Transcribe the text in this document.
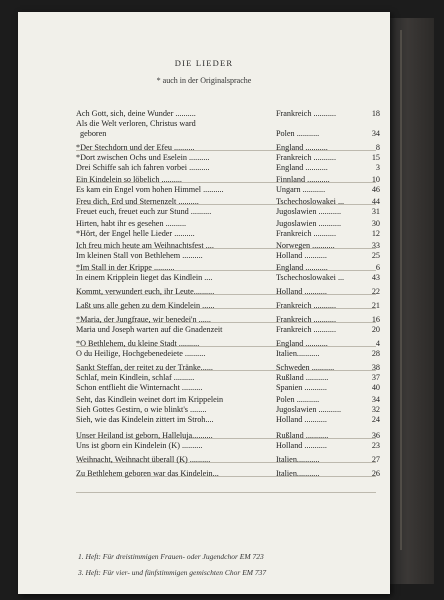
DIE LIEDER
* auch in der Originalsprache
Ach Gott, sich, deine Wunder ..........	Frankreich ...........	18
Als die Welt verloren, Christus ward
geboren	Polen ...........	34
*Der Stechdorn und der Efeu ..........	England ...........	8
*Dort zwischen Ochs und Eselein ..........	Frankreich ...........	15
Drei Schiffe sah ich fahren vorbei ..........	England ...........	3
Ein Kindelein so löbelich ..........	Finnland ...........	10
Es kam ein Engel vom hohen Himmel ..........	Ungarn ...........	46
Freu dich, Erd und Sternenzelt ..........	Tschechoslowakei ...	44
Freuet euch, freuet euch zur Stund ..........	Jugoslawien ...........	31
Hirten, habt ihr es gesehen ..........	Jugoslawien ...........	30
*Hört, der Engel helle Lieder ..........	Frankreich ...........	12
Ich freu mich heute am Weihnachtsfest ....	Norwegen ...........	33
Im kleinen Stall von Bethlehem ..........	Holland ...........	25
*Im Stall in der Krippe ..........	England ...........	6
In einem Kripplein lieget das Kindlein ....	Tschechoslowakei ...	43
Kommt, verwundert euch, ihr Leute..........	Holland ...........	22
Laßt uns alle gehen zu dem Kindelein ......	Frankreich ...........	21
*Maria, der Jungfraue, wir benedei'n ......	Frankreich ...........	16
Maria und Joseph warten auf die Gnadenzeit	Frankreich ...........	20
*O Bethlehem, du kleine Stadt ..........	England ...........	4
O du Heilige, Hochgebenedeiete ..........	Italien...........	28
Sankt Steffan, der reitet zu der Tränke......	Schweden ...........	38
Schlaf, mein Kindlein, schlaf ..........	Rußland ...........	37
Schon entflieht die Winternacht ..........	Spanien ...........	40
Seht, das Kindlein weinet dort im Krippelein	Polen ...........	34
Sieh Gottes Gestirn, o wie blinkt's ........	Jugoslawien ...........	32
Sieh, wie das Kindelein zittert im Stroh....	Holland ...........	24
Unser Heiland ist geborn, Halleluja..........	Rußland ...........	36
Uns ist gborn ein Kindelein (K) ..........	Holland ...........	23
Weihnacht, Weihnacht überall (K) ..........	Italien...........	27
Zu Bethlehem geboren war das Kindelein...	Italien...........	26
1. Heft: Für dreistimmigen Frauen- oder Jugendchor EM 723
3. Heft: Für vier- und fünfstimmigen gemischten Chor EM 737
